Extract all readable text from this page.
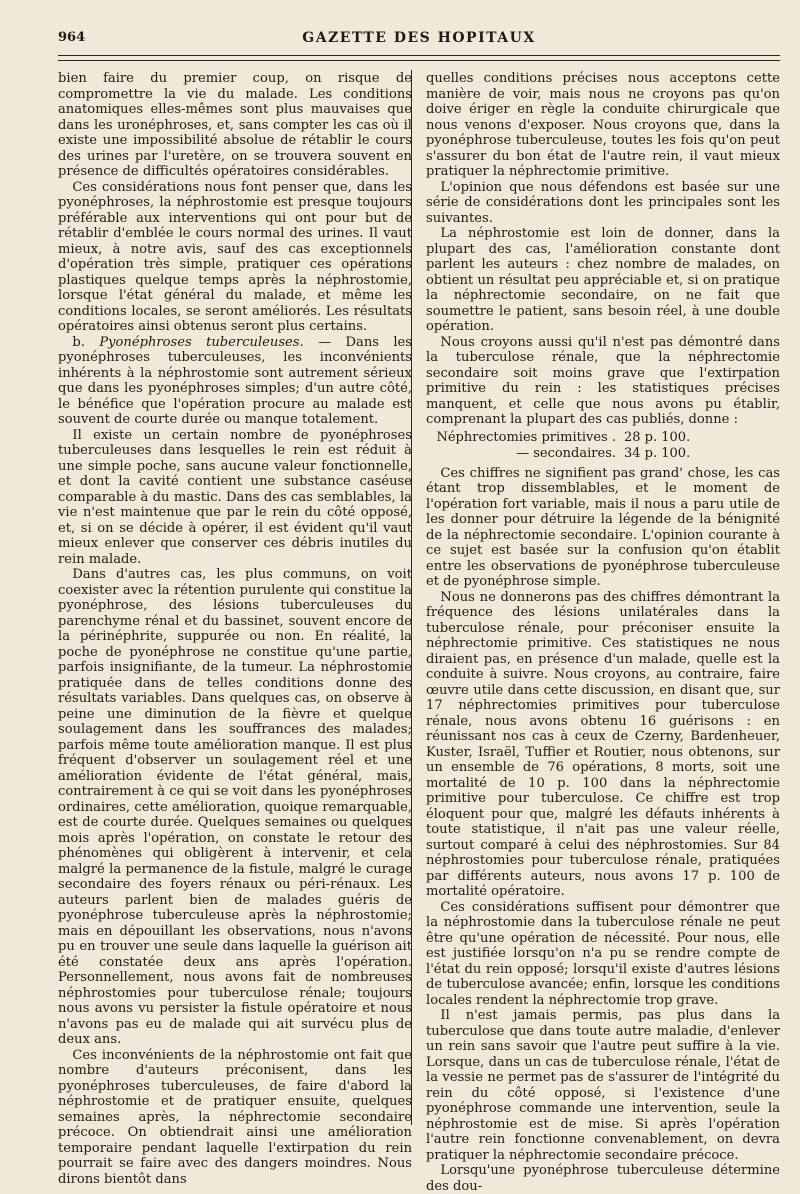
964	GAZETTE DES HOPITAUX

bien faire du premier coup, on risque de compromettre la vie du malade. Les conditions anatomiques elles-mêmes sont plus mauvaises que dans les uronéphroses, et, sans compter les cas où il existe une impossibilité absolue de rétablir le cours des urines par l'uretère, on se trouvera souvent en présence de difficultés opératoires considérables.

Ces considérations nous font penser que, dans les pyonéphroses, la néphrostomie est presque toujours préférable aux interventions qui ont pour but de rétablir d'emblée le cours normal des urines. Il vaut mieux, à notre avis, sauf des cas exceptionnels d'opération très simple, pratiquer ces opérations plastiques quelque temps après la néphrostomie, lorsque l'état général du malade, et même les conditions locales, se seront améliorés. Les résultats opératoires ainsi obtenus seront plus certains.

b. Pyonéphroses tuberculeuses. — Dans les pyonéphroses tuberculeuses, les inconvénients inhérents à la néphrostomie sont autrement sérieux que dans les pyonéphroses simples; d'un autre côté, le bénéfice que l'opération procure au malade est souvent de courte durée ou manque totalement.

Il existe un certain nombre de pyonéphroses tuberculeuses dans lesquelles le rein est réduit à une simple poche, sans aucune valeur fonctionnelle, et dont la cavité contient une substance caséuse comparable à du mastic. Dans des cas semblables, la vie n'est maintenue que par le rein du côté opposé, et, si on se décide à opérer, il est évident qu'il vaut mieux enlever que conserver ces débris inutiles du rein malade.

Dans d'autres cas, les plus communs, on voit coexister avec la rétention purulente qui constitue la pyonéphrose, des lésions tuberculeuses du parenchyme rénal et du bassinet, souvent encore de la périnéphrite, suppurée ou non. En réalité, la poche de pyonéphrose ne constitue qu'une partie, parfois insignifiante, de la tumeur. La néphrostomie pratiquée dans de telles conditions donne des résultats variables. Dans quelques cas, on observe à peine une diminution de la fièvre et quelque soulagement dans les souffrances des malades; parfois même toute amélioration manque. Il est plus fréquent d'observer un soulagement réel et une amélioration évidente de l'état général, mais, contrairement à ce qui se voit dans les pyonéphroses ordinaires, cette amélioration, quoique remarquable, est de courte durée. Quelques semaines ou quelques mois après l'opération, on constate le retour des phénomènes qui obligèrent à intervenir, et cela malgré la permanence de la fistule, malgré le curage secondaire des foyers rénaux ou péri-rénaux. Les auteurs parlent bien de malades guéris de pyonéphrose tuberculeuse après la néphrostomie; mais en dépouillant les observations, nous n'avons pu en trouver une seule dans laquelle la guérison ait été constatée deux ans après l'opération. Personnellement, nous avons fait de nombreuses néphrostomies pour tuberculose rénale; toujours nous avons vu persister la fistule opératoire et nous n'avons pas eu de malade qui ait survécu plus de deux ans.

Ces inconvénients de la néphrostomie ont fait que nombre d'auteurs préconisent, dans les pyonéphroses tuberculeuses, de faire d'abord la néphrostomie et de pratiquer ensuite, quelques semaines après, la néphrectomie secondaire précoce. On obtiendrait ainsi une amélioration temporaire pendant laquelle l'extirpation du rein pourrait se faire avec des dangers moindres. Nous dirons bientôt dans

quelles conditions précises nous acceptons cette manière de voir, mais nous ne croyons pas qu'on doive ériger en règle la conduite chirurgicale que nous venons d'exposer. Nous croyons que, dans la pyonéphrose tuberculeuse, toutes les fois qu'on peut s'assurer du bon état de l'autre rein, il vaut mieux pratiquer la néphrectomie primitive.

L'opinion que nous défendons est basée sur une série de considérations dont les principales sont les suivantes.

La néphrostomie est loin de donner, dans la plupart des cas, l'amélioration constante dont parlent les auteurs : chez nombre de malades, on obtient un résultat peu appréciable et, si on pratique la néphrectomie secondaire, on ne fait que soumettre le patient, sans besoin réel, à une double opération.

Nous croyons aussi qu'il n'est pas démontré dans la tuberculose rénale, que la néphrectomie secondaire soit moins grave que l'extirpation primitive du rein : les statistiques précises manquent, et celle que nous avons pu établir, comprenant la plupart des cas publiés, donne :

Néphrectomies primitives . 28 p. 100.
— secondaires. 34 p. 100.

Ces chiffres ne signifient pas grand' chose, les cas étant trop dissemblables, et le moment de l'opération fort variable, mais il nous a paru utile de les donner pour détruire la légende de la bénignité de la néphrectomie secondaire. L'opinion courante à ce sujet est basée sur la confusion qu'on établit entre les observations de pyonéphrose tuberculeuse et de pyonéphrose simple.

Nous ne donnerons pas des chiffres démontrant la fréquence des lésions unilatérales dans la tuberculose rénale, pour préconiser ensuite la néphrectomie primitive. Ces statistiques ne nous diraient pas, en présence d'un malade, quelle est la conduite à suivre. Nous croyons, au contraire, faire œuvre utile dans cette discussion, en disant que, sur 17 néphrectomies primitives pour tuberculose rénale, nous avons obtenu 16 guérisons : en réunissant nos cas à ceux de Czerny, Bardenheuer, Kuster, Israël, Tuffier et Routier, nous obtenons, sur un ensemble de 76 opérations, 8 morts, soit une mortalité de 10 p. 100 dans la néphrectomie primitive pour tuberculose. Ce chiffre est trop éloquent pour que, malgré les défauts inhérents à toute statistique, il n'ait pas une valeur réelle, surtout comparé à celui des néphrostomies. Sur 84 néphrostomies pour tuberculose rénale, pratiquées par différents auteurs, nous avons 17 p. 100 de mortalité opératoire.

Ces considérations suffisent pour démontrer que la néphrostomie dans la tuberculose rénale ne peut être qu'une opération de nécessité. Pour nous, elle est justifiée lorsqu'on n'a pu se rendre compte de l'état du rein opposé; lorsqu'il existe d'autres lésions de tuberculose avancée; enfin, lorsque les conditions locales rendent la néphrectomie trop grave.

Il n'est jamais permis, pas plus dans la tuberculose que dans toute autre maladie, d'enlever un rein sans savoir que l'autre peut suffire à la vie. Lorsque, dans un cas de tuberculose rénale, l'état de la vessie ne permet pas de s'assurer de l'intégrité du rein du côté opposé, si l'existence d'une pyonéphrose commande une intervention, seule la néphrostomie est de mise. Si après l'opération l'autre rein fonctionne convenablement, on devra pratiquer la néphrectomie secondaire précoce.

Lorsqu'une pyonéphrose tuberculeuse détermine des dou-
